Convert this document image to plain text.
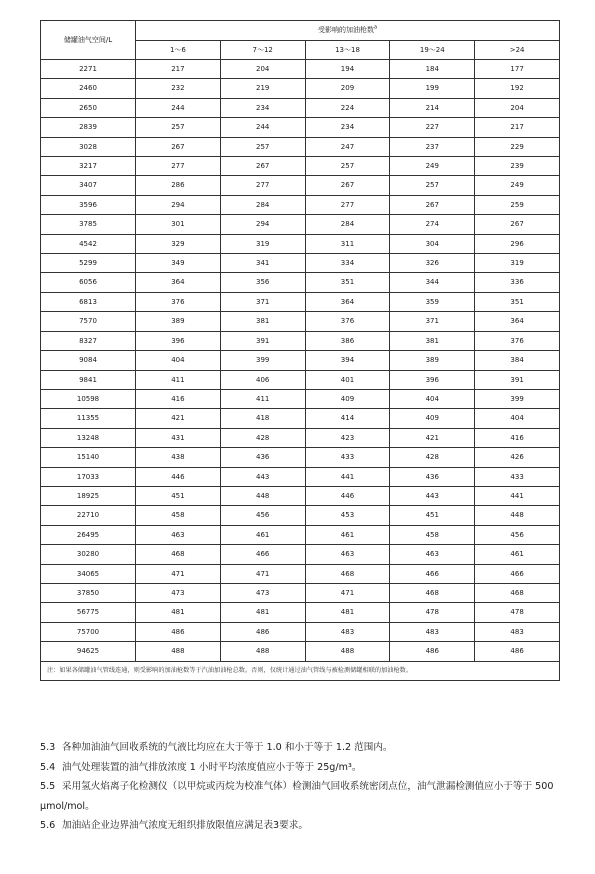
储罐油气空间/L	受影响的加油枪数$^a$
	1～6	7～12	13～18	19～24	>24
2271	217	204	194	184	177
2460	232	219	209	199	192
2650	244	234	224	214	204
2839	257	244	234	227	217
3028	267	257	247	237	229
3217	277	267	257	249	239
3407	286	277	267	257	249
3596	294	284	277	267	259
3785	301	294	284	274	267
4542	329	319	311	304	296
5299	349	341	334	326	319
6056	364	356	351	344	336
6813	376	371	364	359	351
7570	389	381	376	371	364
8327	396	391	386	381	376
9084	404	399	394	389	384
9841	411	406	401	396	391
10598	416	411	409	404	399
11355	421	418	414	409	404
13248	431	428	423	421	416
15140	438	436	433	428	426
17033	446	443	441	436	433
18925	451	448	446	443	441
22710	458	456	453	451	448
26495	463	461	461	458	456
30280	468	466	463	463	461
34065	471	471	468	466	466
37850	473	473	471	468	468
56775	481	481	481	478	478
75700	486	486	483	483	483
94625	488	488	488	486	486
注：如果各储罐油气管线连通，则受影响的加油枪数等于汽油加油枪总数。否则，仅统计通过油气管线与被检测储罐相联的加油枪数。					
5.3 各种加油油气回收系统的气液比均应在大于等于 1.0 和小于等于 1.2 范围内。
5.4 油气处理装置的油气排放浓度 1 小时平均浓度值应小于等于 25g/m³。
5.5 采用氢火焰离子化检测仪（以甲烷或丙烷为校准气体）检测油气回收系统密闭点位，油气泄漏检测值应小于等于 500 μmol/mol。
5.6 加油站企业边界油气浓度无组织排放限值应满足表3要求。
